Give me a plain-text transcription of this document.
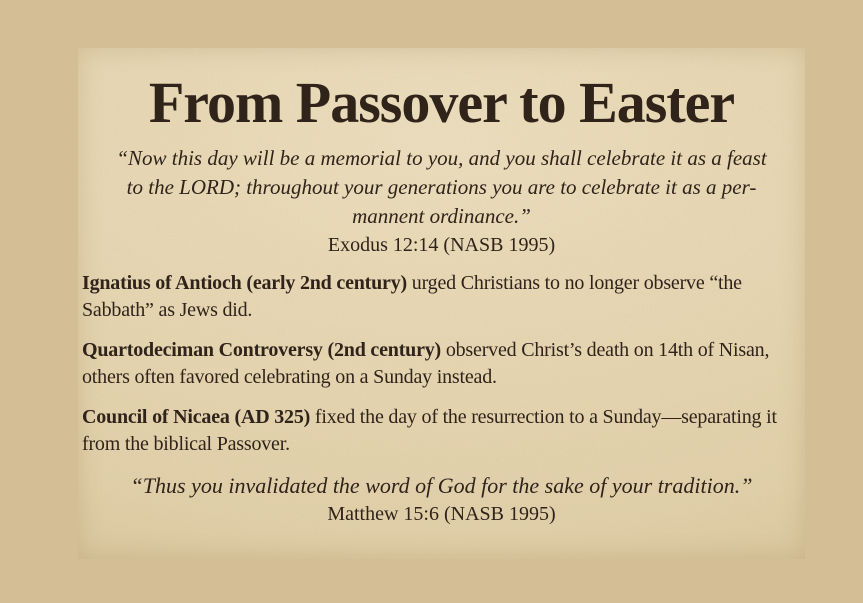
From Passover to Easter
“Now this day will be a memorial to you, and you shall celebrate it as a feast
to the LORD; throughout your generations you are to celebrate it as a per-
mannent ordinance.”
Exodus 12:14 (NASB 1995)

Ignatius of Antioch (early 2nd century) urged Christians to no longer observe “the Sabbath” as Jews did.

Quartodeciman Controversy (2nd century) observed Christ’s death on 14th of Nisan, others often favored celebrating on a Sunday instead.

Council of Nicaea (AD 325) fixed the day of the resurrection to a Sunday—separating it from the biblical Passover.

“Thus you invalidated the word of God for the sake of your tradition.”
Matthew 15:6 (NASB 1995)
